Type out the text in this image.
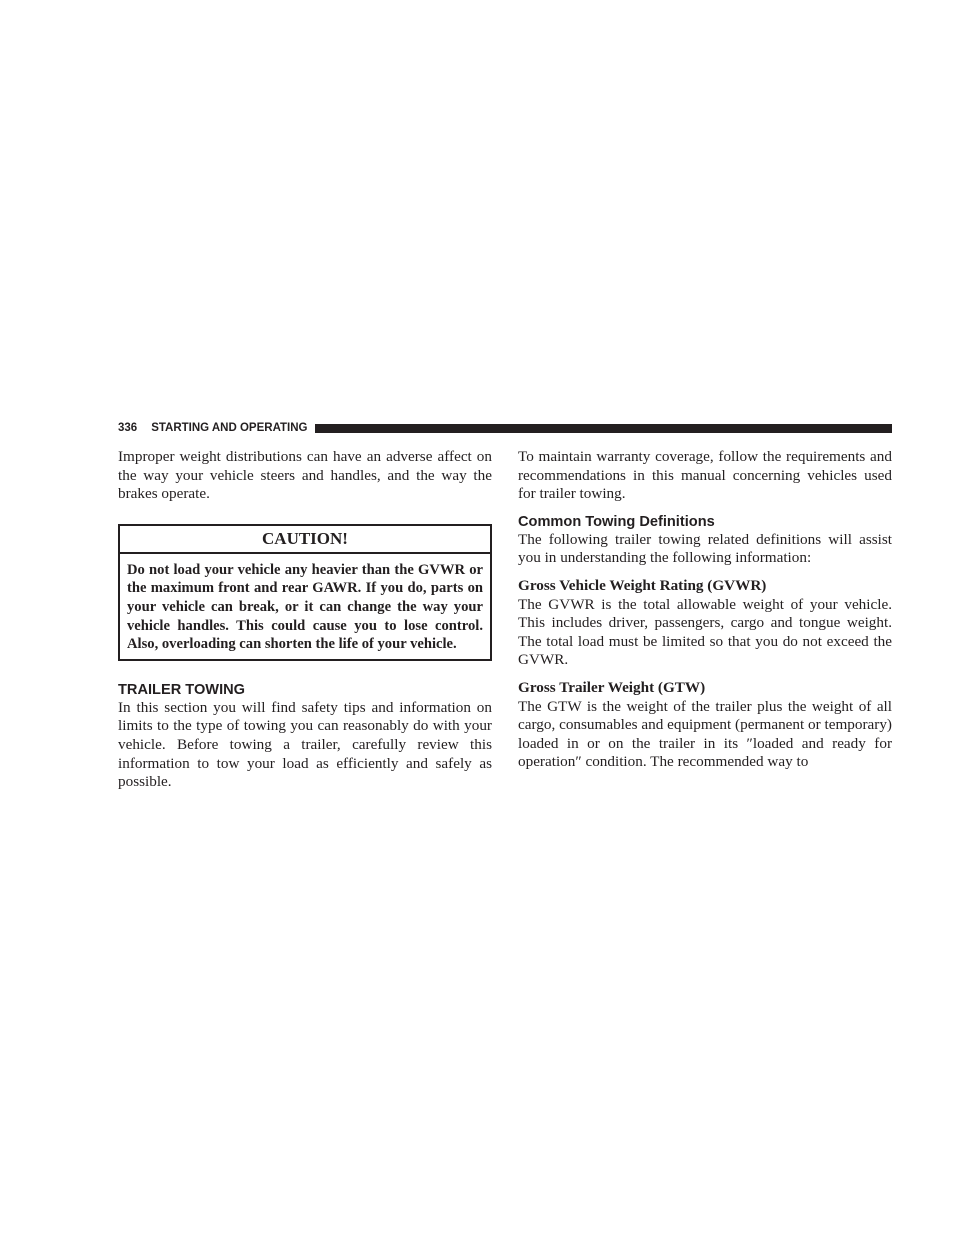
336 STARTING AND OPERATING

Improper weight distributions can have an adverse affect on the way your vehicle steers and handles, and the way the brakes operate.

CAUTION!

Do not load your vehicle any heavier than the GVWR or the maximum front and rear GAWR. If you do, parts on your vehicle can break, or it can change the way your vehicle handles. This could cause you to lose control. Also, overloading can shorten the life of your vehicle.

TRAILER TOWING

In this section you will find safety tips and information on limits to the type of towing you can reasonably do with your vehicle. Before towing a trailer, carefully review this information to tow your load as efficiently and safely as possible.

To maintain warranty coverage, follow the requirements and recommendations in this manual concerning vehicles used for trailer towing.

Common Towing Definitions

The following trailer towing related definitions will assist you in understanding the following information:

Gross Vehicle Weight Rating (GVWR)

The GVWR is the total allowable weight of your vehicle. This includes driver, passengers, cargo and tongue weight. The total load must be limited so that you do not exceed the GVWR.

Gross Trailer Weight (GTW)

The GTW is the weight of the trailer plus the weight of all cargo, consumables and equipment (permanent or temporary) loaded in or on the trailer in its ″loaded and ready for operation″ condition. The recommended way to
